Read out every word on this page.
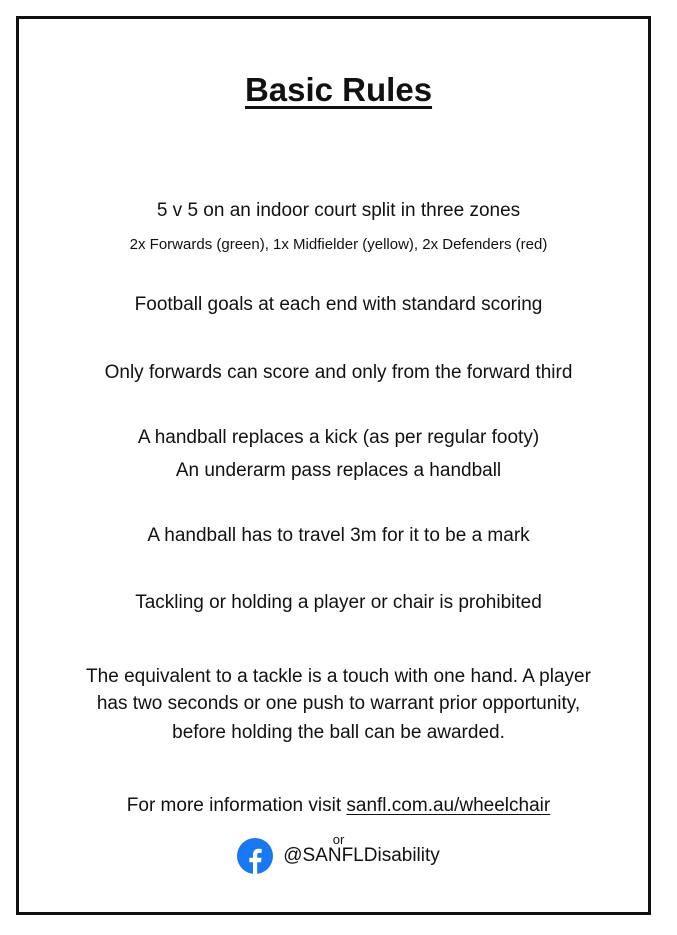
Basic Rules
5 v 5 on an indoor court split in three zones
2x Forwards (green), 1x Midfielder (yellow), 2x Defenders (red)
Football goals at each end with standard scoring
Only forwards can score and only from the forward third
A handball replaces a kick (as per regular footy)
An underarm pass replaces a handball
A handball has to travel 3m for it to be a mark
Tackling or holding a player or chair is prohibited
The equivalent to a tackle is a touch with one hand. A player
has two seconds or one push to warrant prior opportunity,
before holding the ball can be awarded.
For more information visit sanfl.com.au/wheelchair
or
@SANFLDisability
